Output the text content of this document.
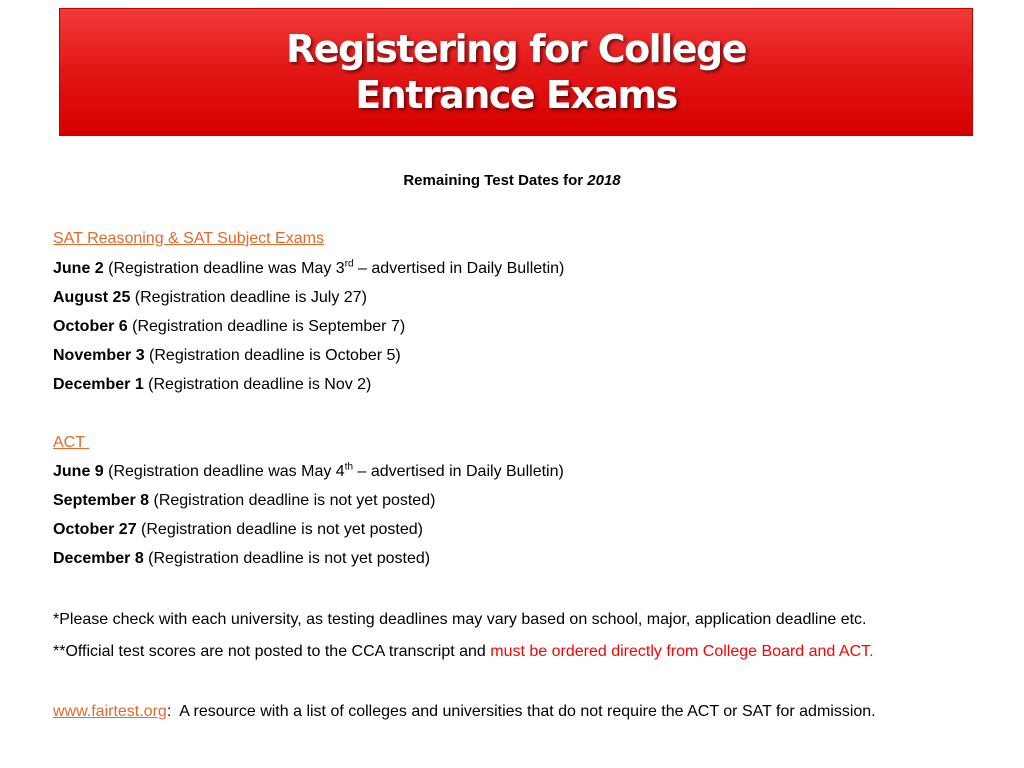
Registering for College
Entrance Exams
Remaining Test Dates for 2018
SAT Reasoning & SAT Subject Exams
June 2 (Registration deadline was May 3rd – advertised in Daily Bulletin)
August 25 (Registration deadline is July 27)
October 6 (Registration deadline is September 7)
November 3 (Registration deadline is October 5)
December 1 (Registration deadline is Nov 2)
ACT
June 9 (Registration deadline was May 4th – advertised in Daily Bulletin)
September 8 (Registration deadline is not yet posted)
October 27 (Registration deadline is not yet posted)
December 8 (Registration deadline is not yet posted)
*Please check with each university, as testing deadlines may vary based on school, major, application deadline etc.
**Official test scores are not posted to the CCA transcript and must be ordered directly from College Board and ACT.
www.fairtest.org:  A resource with a list of colleges and universities that do not require the ACT or SAT for admission.
